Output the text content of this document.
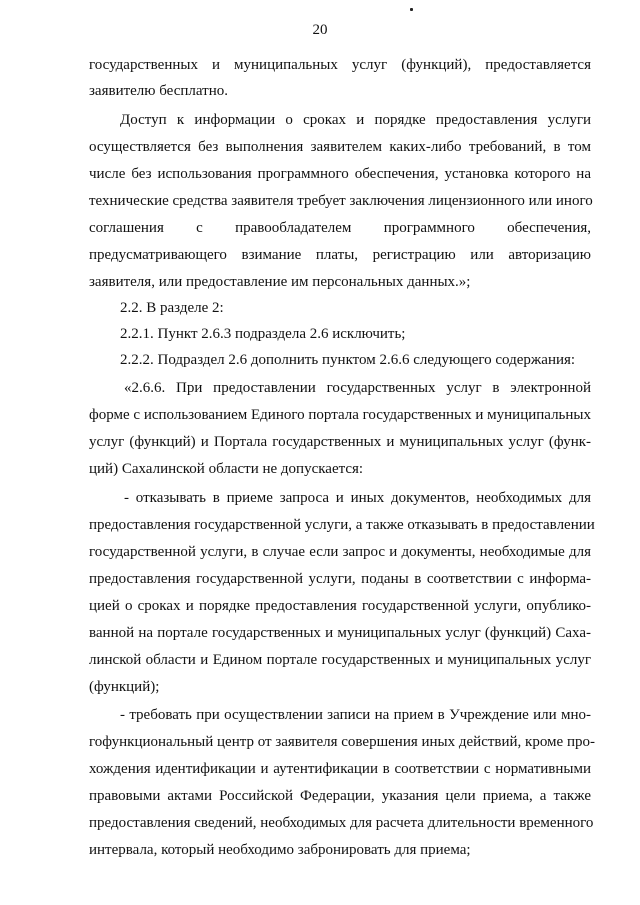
20
государственных и муниципальных услуг (функций), предоставляется
заявителю бесплатно.
Доступ к информации о сроках и порядке предоставления услуги
осуществляется без выполнения заявителем каких-либо требований, в том
числе без использования программного обеспечения, установка которого на
технические средства заявителя требует заключения лицензионного или иного
соглашения с правообладателем программного обеспечения,
предусматривающего взимание платы, регистрацию или авторизацию
заявителя, или предоставление им персональных данных.»;
2.2. В разделе 2:
2.2.1. Пункт 2.6.3 подраздела 2.6 исключить;
2.2.2. Подраздел 2.6 дополнить пунктом 2.6.6 следующего содержания:
«2.6.6. При предоставлении государственных услуг в электронной
форме с использованием Единого портала государственных и муниципальных
услуг (функций) и Портала государственных и муниципальных услуг (функ-
ций) Сахалинской области не допускается:
- отказывать в приеме запроса и иных документов, необходимых для
предоставления государственной услуги, а также отказывать в предоставлении
государственной услуги, в случае если запрос и документы, необходимые для
предоставления государственной услуги, поданы в соответствии с информа-
цией о сроках и порядке предоставления государственной услуги, опублико-
ванной на портале государственных и муниципальных услуг (функций) Саха-
линской области и Едином портале государственных и муниципальных услуг
(функций);
- требовать при осуществлении записи на прием в Учреждение или мно-
гофункциональный центр от заявителя совершения иных действий, кроме про-
хождения идентификации и аутентификации в соответствии с нормативными
правовыми актами Российской Федерации, указания цели приема, а также
предоставления сведений, необходимых для расчета длительности временного
интервала, который необходимо забронировать для приема;
